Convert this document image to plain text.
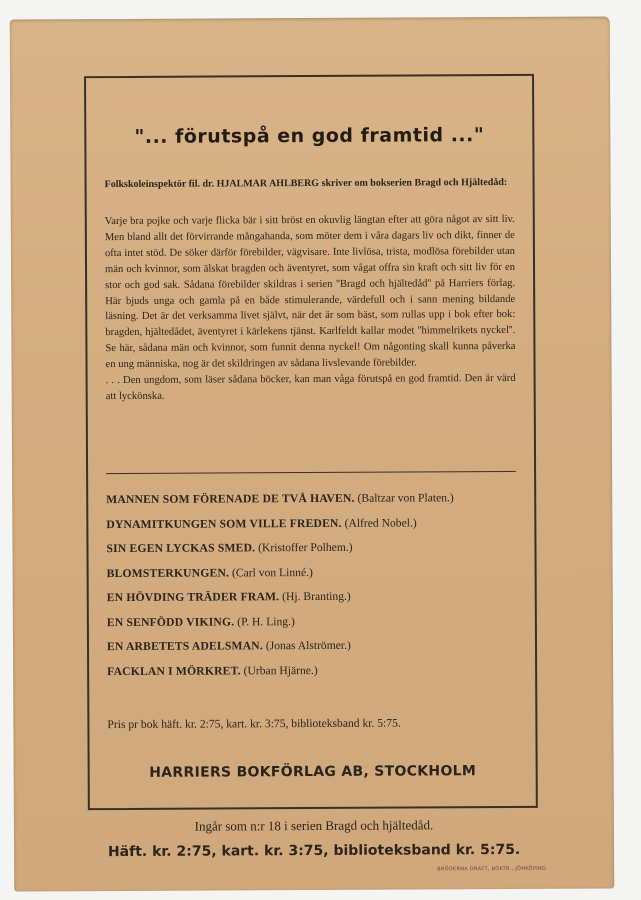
"... förutspå en god framtid ..."
Folkskoleinspektör fil. dr. HJALMAR AHLBERG skriver om bokserien Bragd och Hjältedåd:

Varje bra pojke och varje flicka bär i sitt bröst en okuvlig längtan efter att göra något av sitt liv. Men bland allt det förvirrande mångahanda, som möter dem i våra dagars liv och dikt, finner de ofta intet stöd. De söker därför förebilder, vägvisare. Inte livlösa, trista, modlösa förebilder utan män och kvinnor, som älskat bragden och äventyret, som vågat offra sin kraft och sitt liv för en stor och god sak. Sådana förebilder skildras i serien ''Bragd och hjältedåd'' på Harriers förlag. Här bjuds unga och gamla på en både stimulerande, värdefull och i sann mening bildande läsning. Det är det verksamma livet självt, när det är som bäst, som rullas upp i bok efter bok: bragden, hjältedådet, äventyret i kärlekens tjänst. Karlfeldt kallar modet ''himmelrikets nyckel''. Se här, sådana män och kvinnor, som funnit denna nyckel! Om någonting skall kunna påverka en ung människa, nog är det skildringen av sådana livslevande förebilder.

. . . Den ungdom, som läser sådana böcker, kan man våga förutspå en god framtid. Den är värd att lyckönska.

MANNEN SOM FÖRENADE DE TVÅ HAVEN. (Baltzar von Platen.)
DYNAMITKUNGEN SOM VILLE FREDEN. (Alfred Nobel.)
SIN EGEN LYCKAS SMED. (Kristoffer Polhem.)
BLOMSTERKUNGEN. (Carl von Linné.)
EN HÖVDING TRÄDER FRAM. (Hj. Branting.)
EN SENFÖDD VIKING. (P. H. Ling.)
EN ARBETETS ADELSMAN. (Jonas Alströmer.)
FACKLAN I MÖRKRET. (Urban Hjärne.)
Pris pr bok häft. kr. 2:75, kart. kr. 3:75, biblioteksband kr. 5:75.
HARRIERS BOKFÖRLAG AB, STOCKHOLM
Ingår som n:r 18 i serien Bragd och hjältedåd.
Häft. kr. 2:75, kart. kr. 3:75, biblioteksband kr. 5:75.
BRÖDERNA DRAFT, BOKTR., JÖNKÖPING
